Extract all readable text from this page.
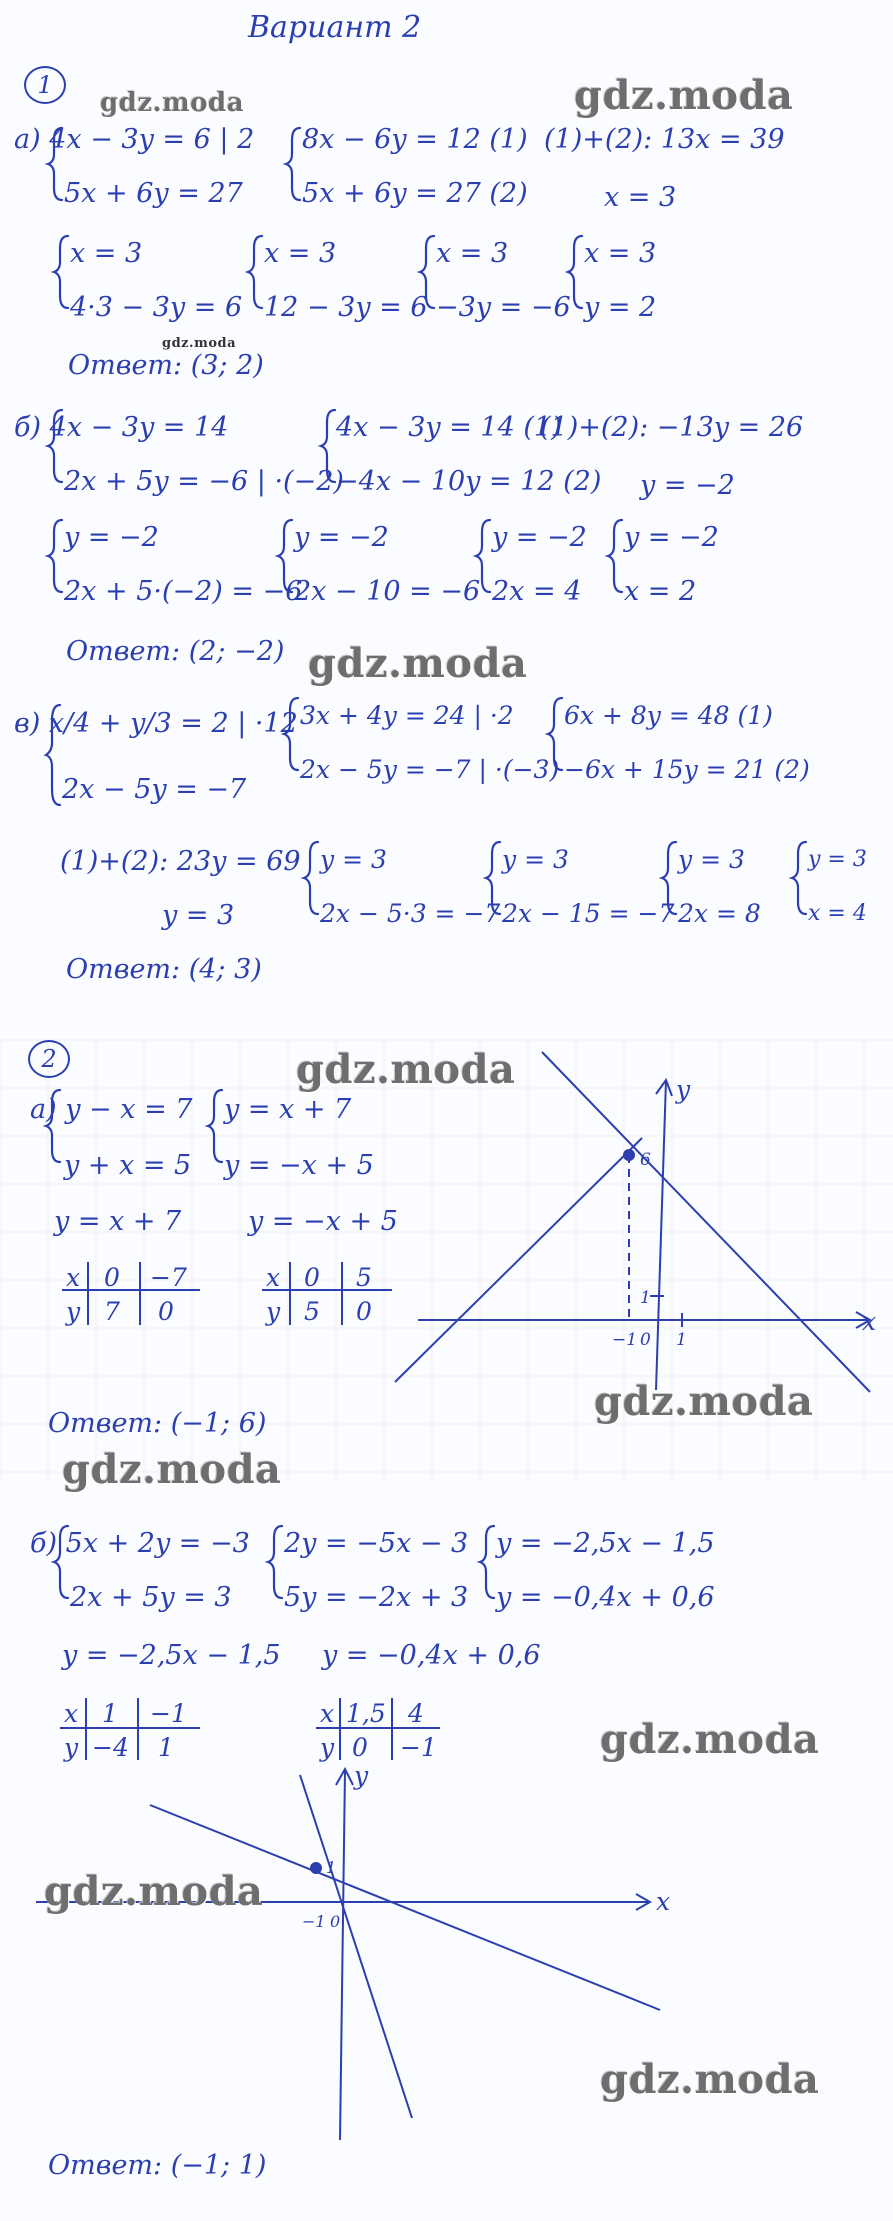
Вариант 2
1
а) 4x − 3y = 6 | 2
5x + 6y = 27
8x − 6y = 12 (1)
5x + 6y = 27 (2)
(1)+(2): 13x = 39
x = 3
x = 3
4·3 − 3y = 6
x = 3
12 − 3y = 6
x = 3
−3y = −6
x = 3
y = 2
Ответ: (3; 2)
б) 4x − 3y = 14
2x + 5y = −6 | ·(−2)
4x − 3y = 14 (1)
−4x − 10y = 12 (2)
(1)+(2): −13y = 26
y = −2
y = −2
2x + 5·(−2) = −6
y = −2
2x − 10 = −6
y = −2
2x = 4
y = −2
x = 2
Ответ: (2; −2)
в) x/4 + y/3 = 2 | ·12
2x − 5y = −7
3x + 4y = 24 | ·2
2x − 5y = −7 | ·(−3)
6x + 8y = 48 (1)
−6x + 15y = 21 (2)
(1)+(2): 23y = 69
y = 3
y = 3
2x − 5·3 = −7
y = 3
2x − 15 = −7
y = 3
2x = 8
y = 3
x = 4
Ответ: (4; 3)
2
а) y − x = 7
y + x = 5
y = x + 7
y = −x + 5
y = x + 7 y = −x + 5
x 0 −7
y 7 0
x 0 5
y 5 0	x
y
6
1
−1 0 1
Ответ: (−1; 6)
б) 5x + 2y = −3
2x + 5y = 3
2y = −5x − 3
5y = −2x + 3
y = −2,5x − 1,5
y = −0,4x + 0,6
y = −2,5x − 1,5 y = −0,4x + 0,6
x 1 −1
y −4 1
x 1,5 4
y 0 −1
x
y
1
−1 0
Ответ: (−1; 1)
gdz.moda	gdz.moda
gdz.moda
gdz.moda
gdz.moda
gdz.moda
gdz.moda
gdz.moda
gdz.moda
gdz.moda
